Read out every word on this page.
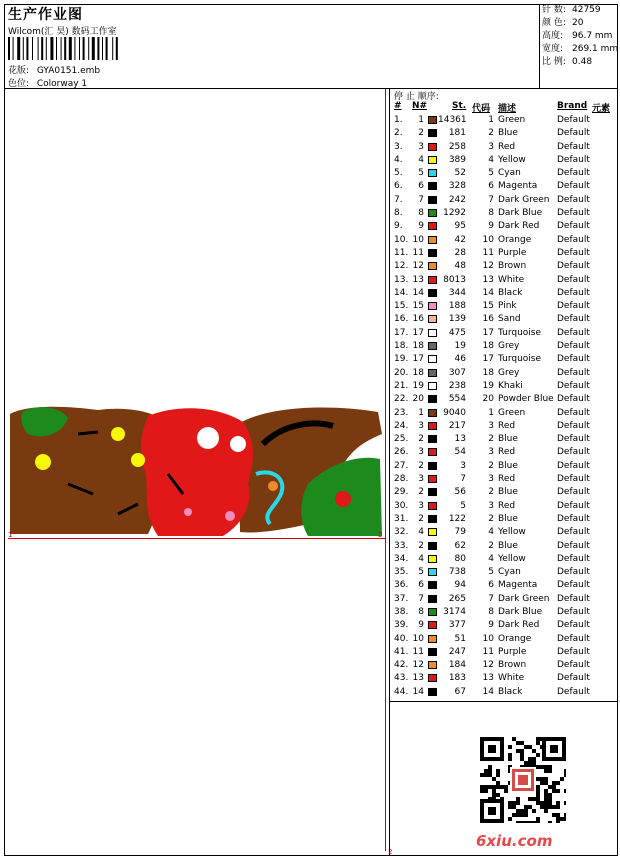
生产作业图
Wilcom(汇 昊) 数码工作室
花版: GYA0151.emb
色位: Colorway 1
针 数: 42759
颜 色: 20
高度: 96.7 mm
宽度: 269.1 mm
比 例: 0.48
停 止 顺序:
# N#	St. 代码 描述	Brand 元素
1.	1 14361	1 Green	Default
2.	2	181	2 Blue	Default
3.	3	258	3 Red	Default
4.	4	389	4 Yellow	Default
5.	5	52	5 Cyan	Default
6.	6	328	6 Magenta Default
7.	7	242	7 Dark Green Default
8.	8	1292	8 Dark Blue Default
9.	9	95	9 Dark Red Default
10. 10	42	10 Orange	Default
11. 11	28	11 Purple	Default
12. 12	48	12 Brown	Default
13. 13	8013	13 White	Default
14. 14	344	14 Black	Default
15. 15	188	15 Pink	Default
16. 16	139	16 Sand	Default
17. 17	475	17 Turquoise Default
18. 18	19	18 Grey	Default
19. 17	46	17 Turquoise Default
20. 18	307	18 Grey	Default
21. 19	238	19 Khaki	Default
22. 20	554	20 Powder Blue Default
23.	1	9040	1 Green	Default
24.	3	217	3 Red	Default
25.	2	13	2 Blue	Default
26.	3	54	3 Red	Default
27.	2	3	2 Blue	Default
28.	3	7	3 Red	Default
29.	2	56	2 Blue	Default
30.	3	5	3 Red	Default
31.	2	122	2 Blue	Default
32.	4	79	4 Yellow	Default
33.	2	62	2 Blue	Default
34.	4	80	4 Yellow	Default
35.	5	738	5 Cyan	Default
36.	6	94	6 Magenta Default
37.	7	265	7 Dark Green Default
38.	8	3174	8 Dark Blue Default
39.	9	377	9 Dark Red Default
40. 10	51	10 Orange	Default
41. 11	247	11 Purple	Default
42. 12	184	12 Brown	Default
43. 13	183	13 White	Default
44. 14	67	14 Black	Default
1	2
2
6xiu.com
